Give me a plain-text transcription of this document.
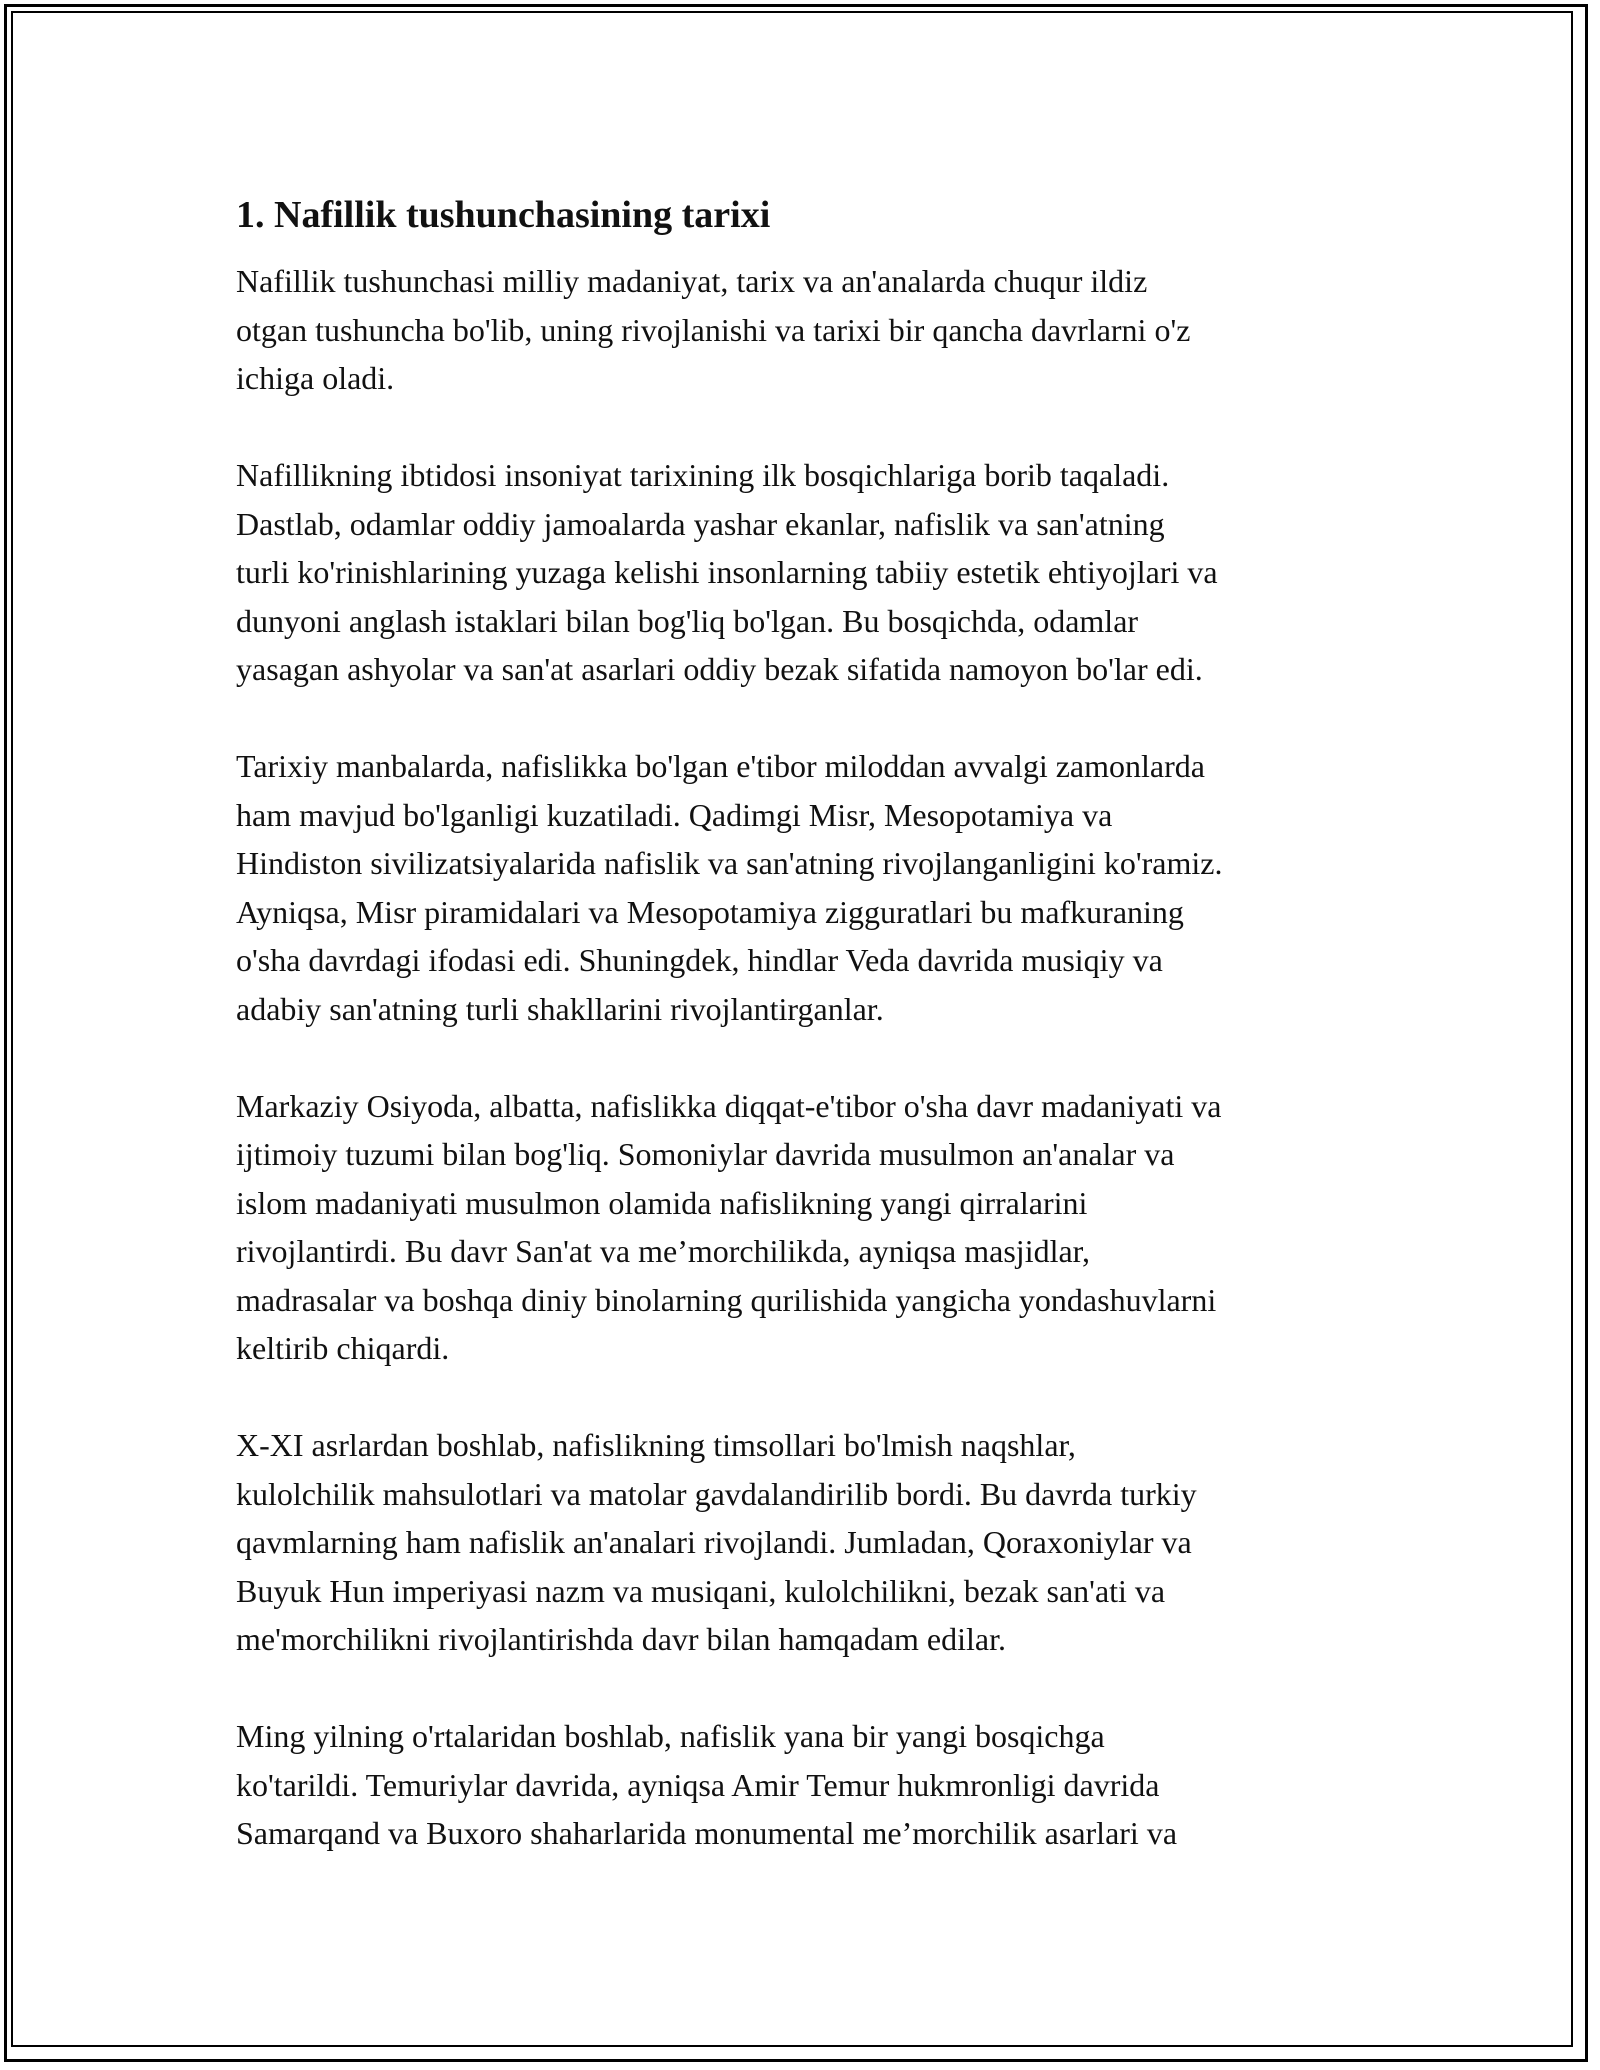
1. Nafillik tushunchasining tarixi
Nafillik tushunchasi milliy madaniyat, tarix va an'analarda chuqur ildiz
otgan tushuncha bo'lib, uning rivojlanishi va tarixi bir qancha davrlarni o'z
ichiga oladi.
Nafillikning ibtidosi insoniyat tarixining ilk bosqichlariga borib taqaladi.
Dastlab, odamlar oddiy jamoalarda yashar ekanlar, nafislik va san'atning
turli ko'rinishlarining yuzaga kelishi insonlarning tabiiy estetik ehtiyojlari va
dunyoni anglash istaklari bilan bog'liq bo'lgan. Bu bosqichda, odamlar
yasagan ashyolar va san'at asarlari oddiy bezak sifatida namoyon bo'lar edi.
Tarixiy manbalarda, nafislikka bo'lgan e'tibor miloddan avvalgi zamonlarda
ham mavjud bo'lganligi kuzatiladi. Qadimgi Misr, Mesopotamiya va
Hindiston sivilizatsiyalarida nafislik va san'atning rivojlanganligini ko'ramiz.
Ayniqsa, Misr piramidalari va Mesopotamiya zigguratlari bu mafkuraning
o'sha davrdagi ifodasi edi. Shuningdek, hindlar Veda davrida musiqiy va
adabiy san'atning turli shakllarini rivojlantirganlar.
Markaziy Osiyoda, albatta, nafislikka diqqat-e'tibor o'sha davr madaniyati va
ijtimoiy tuzumi bilan bog'liq. Somoniylar davrida musulmon an'analar va
islom madaniyati musulmon olamida nafislikning yangi qirralarini
rivojlantirdi. Bu davr San'at va me’morchilikda, ayniqsa masjidlar,
madrasalar va boshqa diniy binolarning qurilishida yangicha yondashuvlarni
keltirib chiqardi.
X-XI asrlardan boshlab, nafislikning timsollari bo'lmish naqshlar,
kulolchilik mahsulotlari va matolar gavdalandirilib bordi. Bu davrda turkiy
qavmlarning ham nafislik an'analari rivojlandi. Jumladan, Qoraxoniylar va
Buyuk Hun imperiyasi nazm va musiqani, kulolchilikni, bezak san'ati va
me'morchilikni rivojlantirishda davr bilan hamqadam edilar.
Ming yilning o'rtalaridan boshlab, nafislik yana bir yangi bosqichga
ko'tarildi. Temuriylar davrida, ayniqsa Amir Temur hukmronligi davrida
Samarqand va Buxoro shaharlarida monumental me’morchilik asarlari va
